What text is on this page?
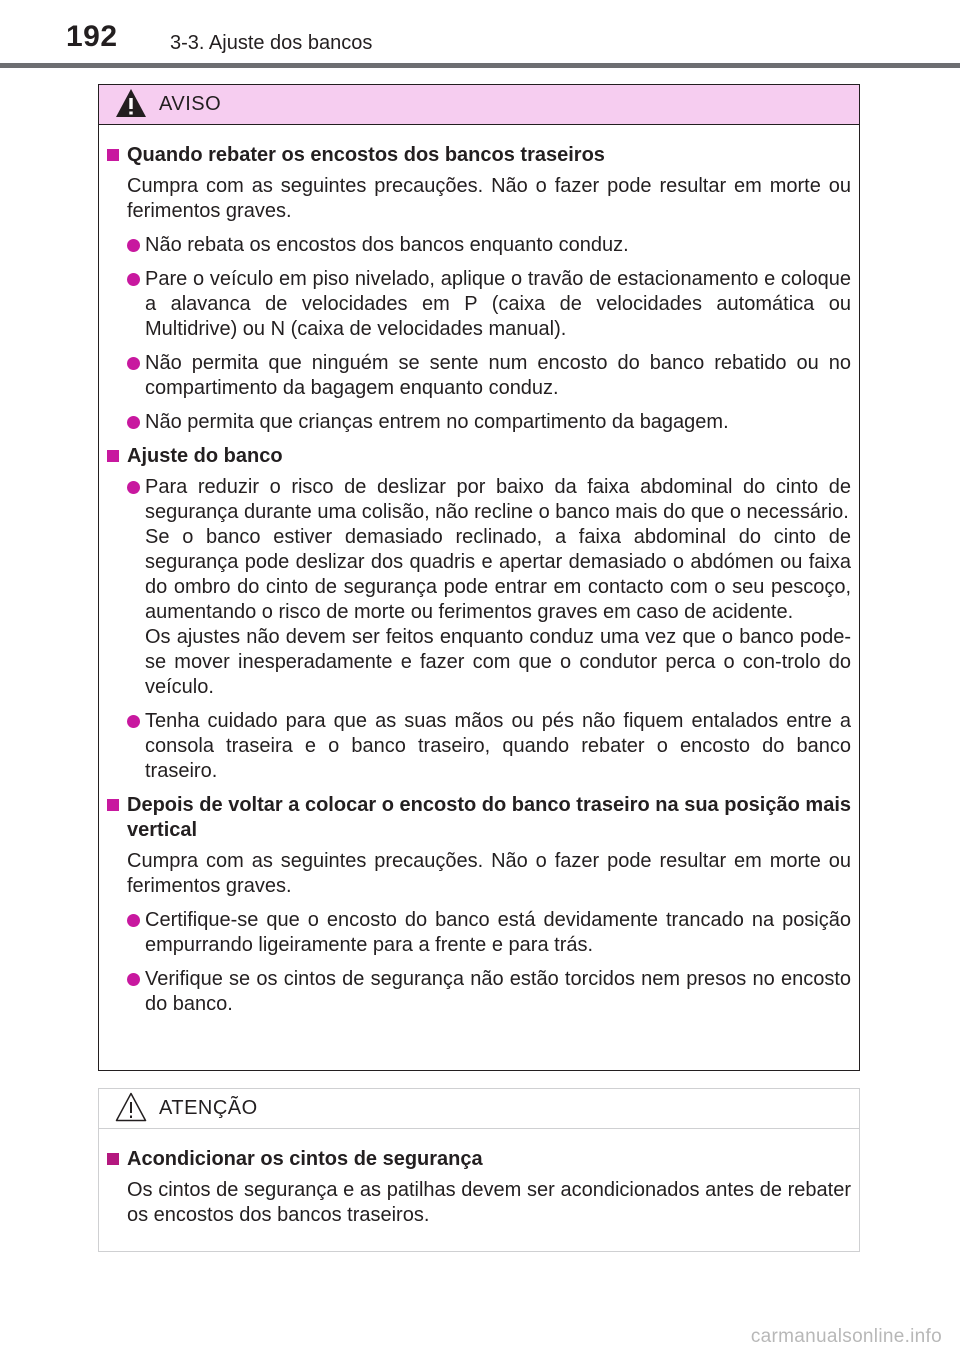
192	3-3. Ajuste dos bancos
AVISO
Quando rebater os encostos dos bancos traseiros
Cumpra com as seguintes precauções. Não o fazer pode resultar em morte ou ferimentos graves.

Não rebata os encostos dos bancos enquanto conduz.

Pare o veículo em piso nivelado, aplique o travão de estacionamento e coloque a alavanca de velocidades em P (caixa de velocidades automática ou Multidrive) ou N (caixa de velocidades manual).

Não permita que ninguém se sente num encosto do banco rebatido ou no compartimento da bagagem enquanto conduz.

Não permita que crianças entrem no compartimento da bagagem.

Ajuste do banco

Para reduzir o risco de deslizar por baixo da faixa abdominal do cinto de segurança durante uma colisão, não recline o banco mais do que o necessário.

Se o banco estiver demasiado reclinado, a faixa abdominal do cinto de segurança pode deslizar dos quadris e apertar demasiado o abdómen ou faixa do ombro do cinto de segurança pode entrar em contacto com o seu pescoço, aumentando o risco de morte ou ferimentos graves em caso de acidente.

Os ajustes não devem ser feitos enquanto conduz uma vez que o banco pode-se mover inesperadamente e fazer com que o condutor perca o con-trolo do veículo.

Tenha cuidado para que as suas mãos ou pés não fiquem entalados entre a consola traseira e o banco traseiro, quando rebater o encosto do banco traseiro.

Depois de voltar a colocar o encosto do banco traseiro na sua posição mais vertical
Cumpra com as seguintes precauções. Não o fazer pode resultar em morte ou ferimentos graves.

Certifique-se que o encosto do banco está devidamente trancado na posição empurrando ligeiramente para a frente e para trás.

Verifique se os cintos de segurança não estão torcidos nem presos no encosto do banco.

ATENÇÃO
Acondicionar os cintos de segurança
Os cintos de segurança e as patilhas devem ser acondicionados antes de rebater os encostos dos bancos traseiros.
carmanualsonline.info
